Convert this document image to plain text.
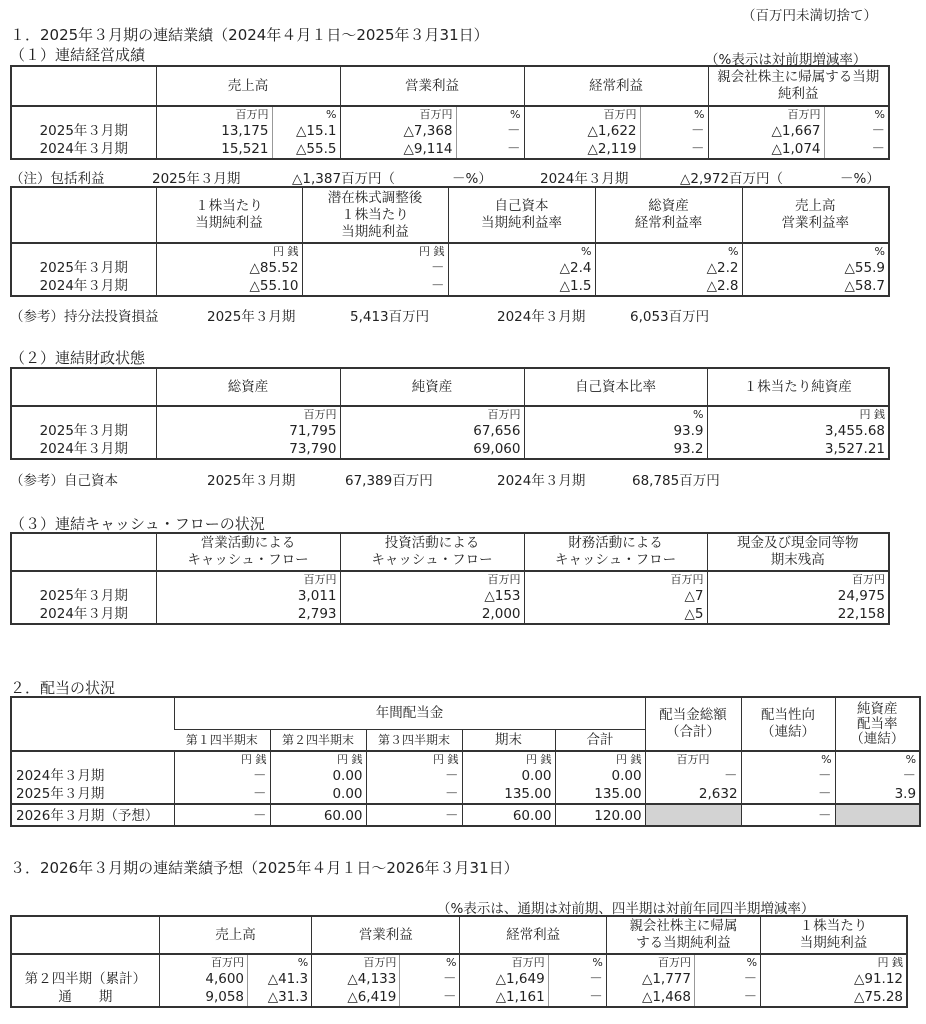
（百万円未満切捨て）
１．2025年３月期の連結業績（2024年４月１日～2025年３月31日）
（１）連結経営成績	（%表示は対前期増減率）
	売上高		営業利益		経常利益		親会社株主に帰属する当期純利益	
	百万円	%	百万円	%	百万円	%	百万円	%
2025年３月期	13,175	△15.1	△7,368	－	△1,622	－	△1,667	－
2024年３月期	15,521	△55.5	△9,114	－	△2,119	－	△1,074	－
（注）包括利益	2025年３月期	△1,387百万円（	－%）	2024年３月期	△2,972百万円（	－%）

１株当たり
当期純利益

潜在株式調整後
１株当たり
当期純利益

自己資本
当期純利益率

総資産
経常利益率

売上高
営業利益率

	円 銭	円 銭	%	%	%
2025年３月期	△85.52	－	△2.4	△2.2	△55.9
2024年３月期	△55.10	－	△1.5	△2.8	△58.7
（参考）持分法投資損益	2025年３月期	5,413百万円	2024年３月期	6,053百万円
（２）連結財政状態
	総資産	純資産	自己資本比率	１株当たり純資産
	百万円	百万円	%	円 銭
2025年３月期	71,795	67,656	93.9	3,455.68
2024年３月期	73,790	69,060	93.2	3,527.21
（参考）自己資本	2025年３月期	67,389百万円	2024年３月期	68,785百万円
（３）連結キャッシュ・フローの状況

営業活動による
キャッシュ・フロー

投資活動による
キャッシュ・フロー

財務活動による
キャッシュ・フロー

現金及び現金同等物
期末残高

	百万円	百万円	百万円	百万円
2025年３月期	3,011	△153	△7	24,975
2024年３月期	2,793	2,000	△5	22,158
２．配当の状況
	年間配当金	配当金総額
（合計）

配当性向
（連結）

純資産
配当率
（連結）

	第１四半期末	第２四半期末	第３四半期末	期末	合計			
	円 銭	円 銭	円 銭	円 銭	円 銭	百万円	%	%
2024年３月期	－	0.00	－	0.00	0.00	－	－	－
2025年３月期	－	0.00	－	135.00	135.00	2,632	－	3.9
2026年３月期（予想）	－	60.00	－	60.00	120.00		－	
３．2026年３月期の連結業績予想（2025年４月１日～2026年３月31日）
（%表示は、通期は対前期、四半期は対前年同四半期増減率）
	売上高	営業利益	経常利益	
親会社株主に帰属
する当期純利益

１株当たり
当期純利益

	百万円	%	百万円	%	百万円	%	百万円	%	円 銭
第２四半期（累計）	4,600	△41.3	△4,133	－	△1,649	－	△1,777	－	△91.12
通　　期	9,058	△31.3	△6,419	－	△1,161	－	△1,468	－	△75.28
